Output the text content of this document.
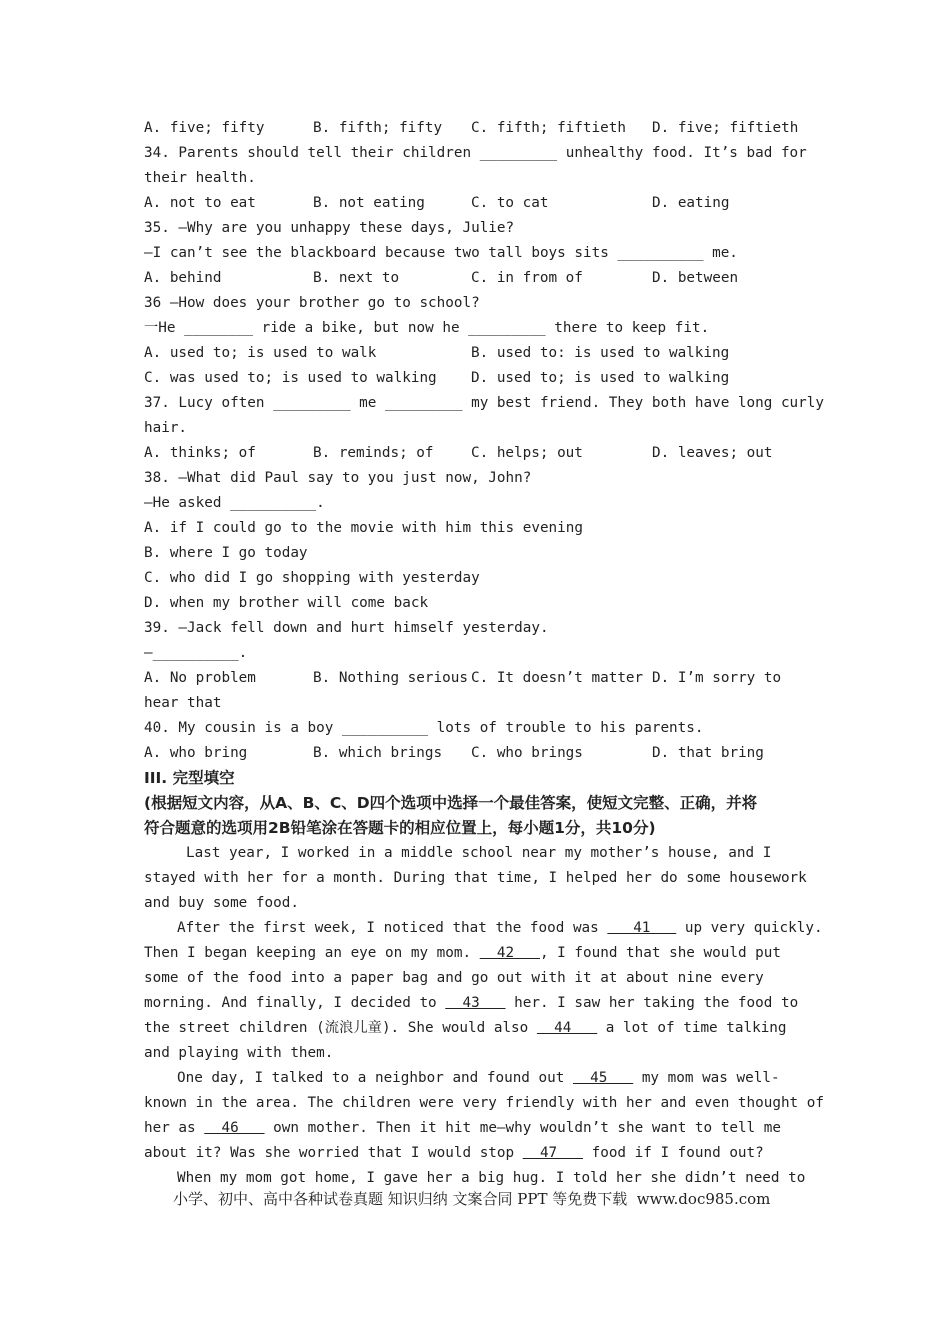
A. five; fifty

	B. fifth; fifty

C. fifth; fiftieth

D. five; fiftieth

34. Parents should tell their children _________ unhealthy food. It’s bad for
their health.

A. not to eat

	B. not eating

	C. to cat

	D. eating

35. —Why are you unhappy these days, Julie?
—I can’t see the blackboard because two tall boys sits __________ me.

A. behind

	B. next to

	C. in from of

	D. between

36 —How does your brother go to school?
一He ________ ride a bike, but now he _________ there to keep fit.

A. used to; is used to walk

	B. used to: is used to walking

C. was used to; is used to walking

D. used to; is used to walking

37. Lucy often _________ me _________ my best friend. They both have long curly
hair.

A. thinks; of

	B. reminds; of

	C. helps; out

	D. leaves; out

38. —What did Paul say to you just now, John?
—He asked __________.
A. if I could go to the movie with him this evening
B. where I go today
C. who did I go shopping with yesterday
D. when my brother will come back
39. —Jack fell down and hurt himself yesterday.
—__________.

A. No problem

	B. Nothing serious

C. It doesn’t matter

D. I’m sorry to

hear that
40. My cousin is a boy __________ lots of trouble to his parents.

A. who bring

	B. which brings

C. who brings

	D. that bring

III. 完型填空
(根据短文内容，从A、B、C、D四个选项中选择一个最佳答案，使短文完整、正确，并将
符合题意的选项用2B铅笔涂在答题卡的相应位置上，每小题1分，共10分)
Last year, I worked in a middle school near my mother’s house, and I
stayed with her for a month. During that time, I helped her do some housework
and buy some food.
After the first week, I noticed that the food was    41    up very quickly.
Then I began keeping an eye on my mom.   42   , I found that she would put
some of the food into a paper bag and go out with it at about nine every
morning. And finally, I decided to   43    her. I saw her taking the food to
the street children (流浪儿童). She would also   44    a lot of time talking
and playing with them.
One day, I talked to a neighbor and found out   45    my mom was well-
known in the area. The children were very friendly with her and even thought of
her as   46    own mother. Then it hit me—why wouldn’t she want to tell me
about it? Was she worried that I would stop   47    food if I found out?
When my mom got home, I gave her a big hug. I told her she didn’t need to
小学、初中、高中各种试卷真题 知识归纳 文案合同 PPT 等免费下载  www.doc985.com
